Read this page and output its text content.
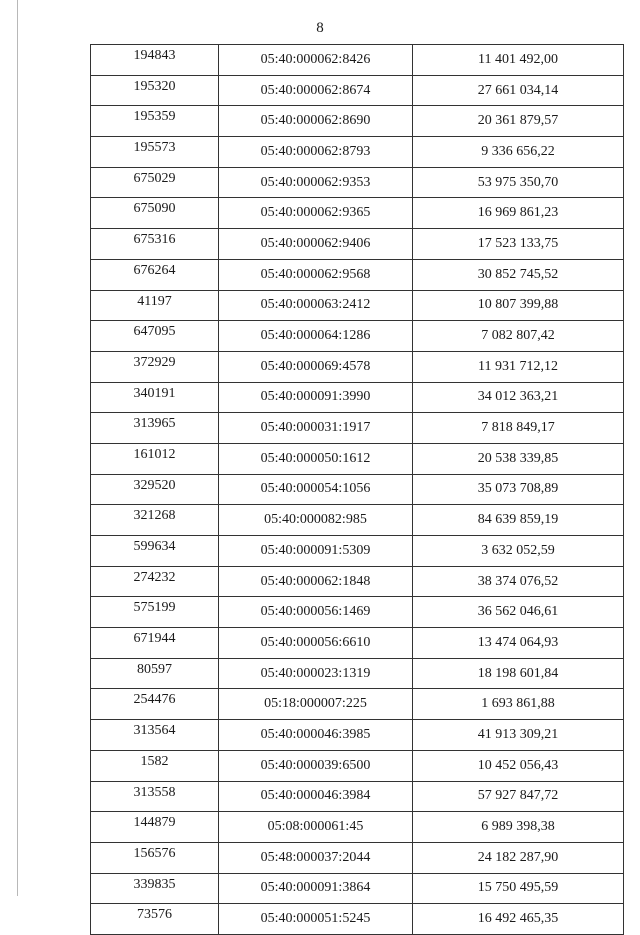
8
194843	05:40:000062:8426	11 401 492,00
195320	05:40:000062:8674	27 661 034,14
195359	05:40:000062:8690	20 361 879,57
195573	05:40:000062:8793	9 336 656,22
675029	05:40:000062:9353	53 975 350,70
675090	05:40:000062:9365	16 969 861,23
675316	05:40:000062:9406	17 523 133,75
676264	05:40:000062:9568	30 852 745,52
41197	05:40:000063:2412	10 807 399,88
647095	05:40:000064:1286	7 082 807,42
372929	05:40:000069:4578	11 931 712,12
340191	05:40:000091:3990	34 012 363,21
313965	05:40:000031:1917	7 818 849,17
161012	05:40:000050:1612	20 538 339,85
329520	05:40:000054:1056	35 073 708,89
321268	05:40:000082:985	84 639 859,19
599634	05:40:000091:5309	3 632 052,59
274232	05:40:000062:1848	38 374 076,52
575199	05:40:000056:1469	36 562 046,61
671944	05:40:000056:6610	13 474 064,93
80597	05:40:000023:1319	18 198 601,84
254476	05:18:000007:225	1 693 861,88
313564	05:40:000046:3985	41 913 309,21
1582	05:40:000039:6500	10 452 056,43
313558	05:40:000046:3984	57 927 847,72
144879	05:08:000061:45	6 989 398,38
156576	05:48:000037:2044	24 182 287,90
339835	05:40:000091:3864	15 750 495,59
73576	05:40:000051:5245	16 492 465,35
